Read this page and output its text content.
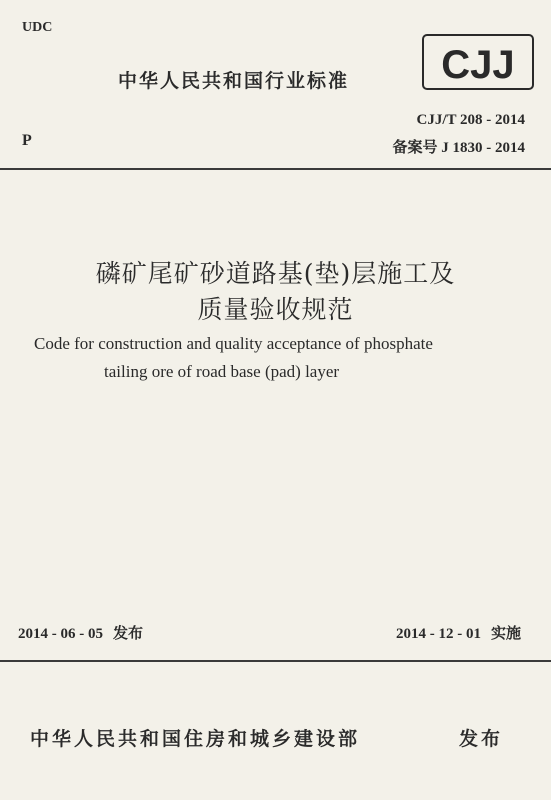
UDC
中华人民共和国行业标准 CJJ
P
CJJ/T 208 - 2014
备案号 J 1830 - 2014
磷矿尾矿砂道路基(垫)层施工及
质量验收规范
Code for construction and quality acceptance of phosphate
tailing ore of road base (pad) layer
2014 - 06 - 05 发布	2014 - 12 - 01 实施
中华人民共和国住房和城乡建设部	发布
